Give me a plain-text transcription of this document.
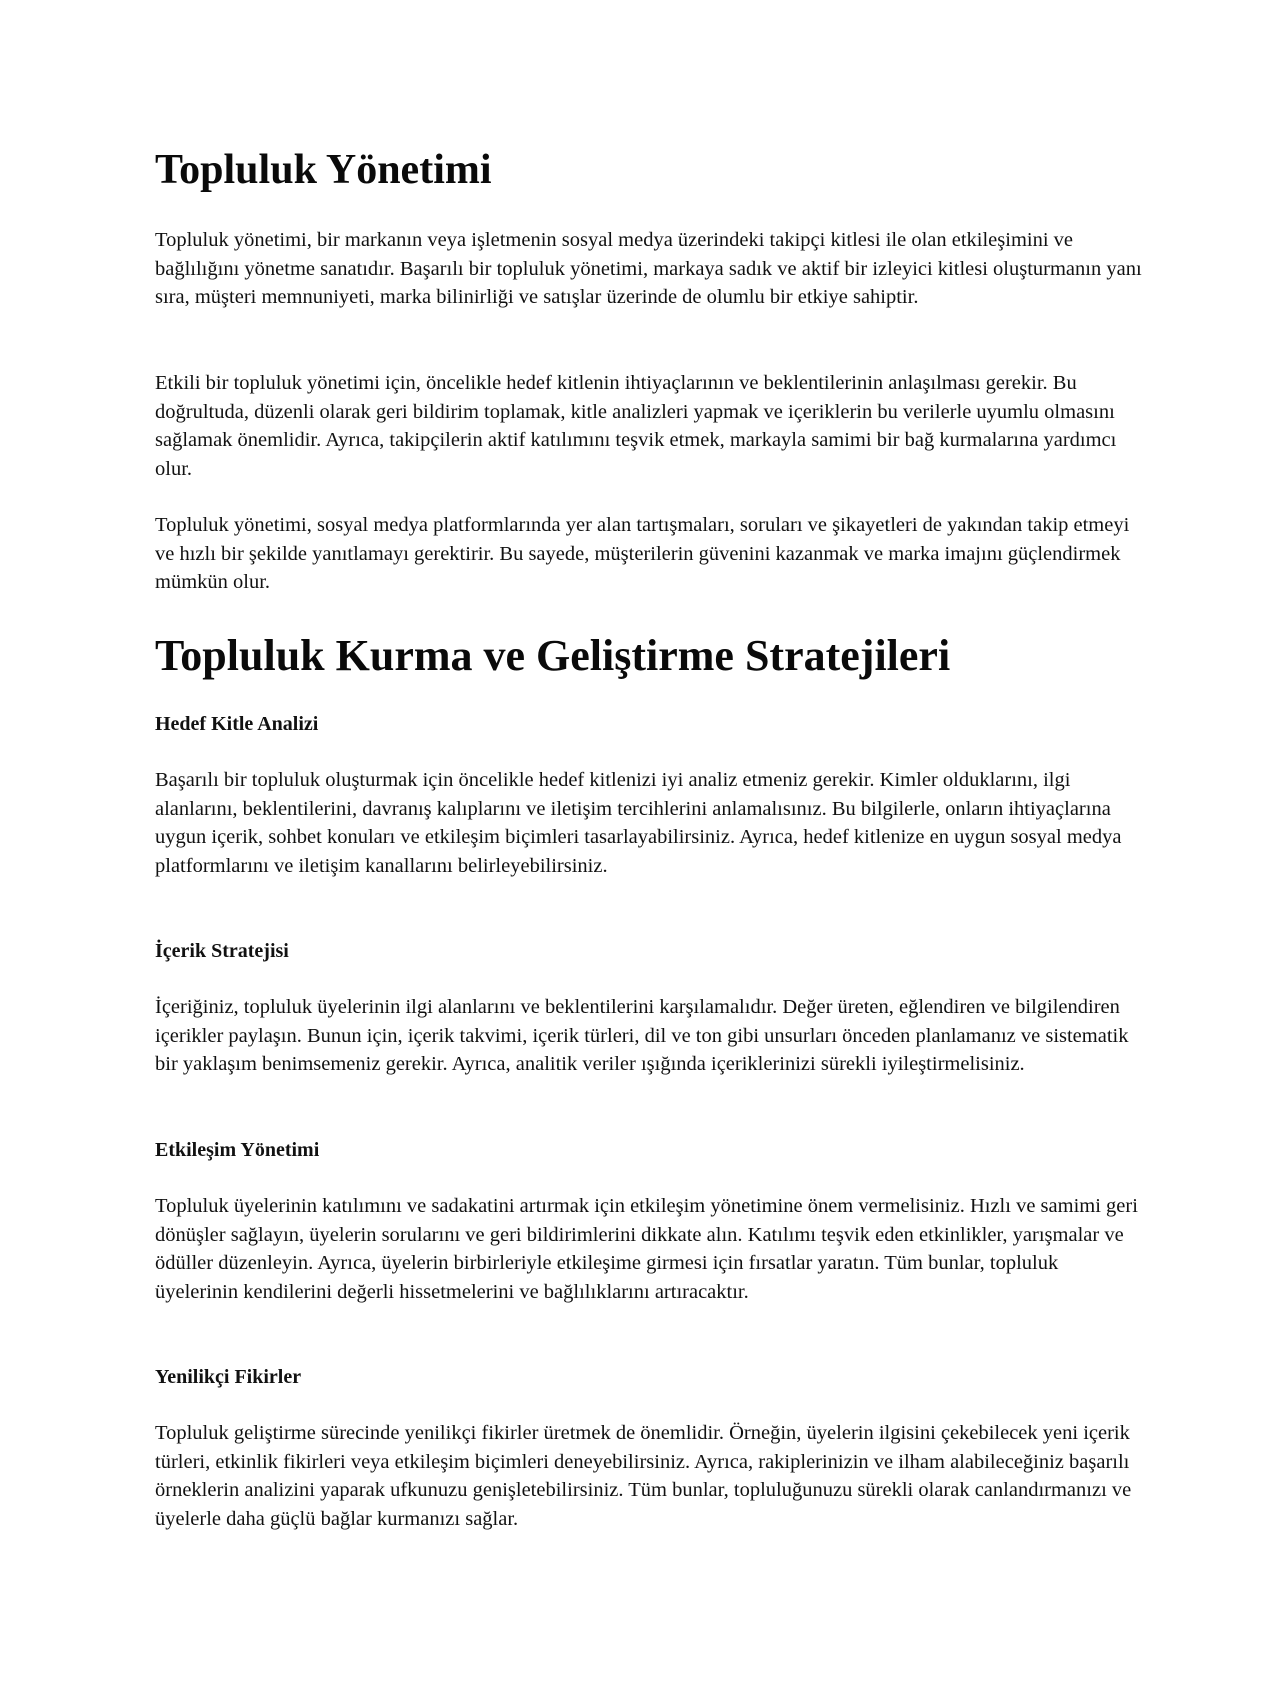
Topluluk Yönetimi

Topluluk yönetimi, bir markanın veya işletmenin sosyal medya üzerindeki takipçi kitlesi ile olan etkileşimini ve bağlılığını yönetme sanatıdır. Başarılı bir topluluk yönetimi, markaya sadık ve aktif bir izleyici kitlesi oluşturmanın yanı sıra, müşteri memnuniyeti, marka bilinirliği ve satışlar üzerinde de olumlu bir etkiye sahiptir.

Etkili bir topluluk yönetimi için, öncelikle hedef kitlenin ihtiyaçlarının ve beklentilerinin anlaşılması gerekir. Bu doğrultuda, düzenli olarak geri bildirim toplamak, kitle analizleri yapmak ve içeriklerin bu verilerle uyumlu olmasını sağlamak önemlidir. Ayrıca, takipçilerin aktif katılımını teşvik etmek, markayla samimi bir bağ kurmalarına yardımcı olur.

Topluluk yönetimi, sosyal medya platformlarında yer alan tartışmaları, soruları ve şikayetleri de yakından takip etmeyi ve hızlı bir şekilde yanıtlamayı gerektirir. Bu sayede, müşterilerin güvenini kazanmak ve marka imajını güçlendirmek mümkün olur.

Topluluk Kurma ve Geliştirme Stratejileri
Hedef Kitle Analizi

Başarılı bir topluluk oluşturmak için öncelikle hedef kitlenizi iyi analiz etmeniz gerekir. Kimler olduklarını, ilgi alanlarını, beklentilerini, davranış kalıplarını ve iletişim tercihlerini anlamalısınız. Bu bilgilerle, onların ihtiyaçlarına uygun içerik, sohbet konuları ve etkileşim biçimleri tasarlayabilirsiniz. Ayrıca, hedef kitlenize en uygun sosyal medya platformlarını ve iletişim kanallarını belirleyebilirsiniz.

İçerik Stratejisi

İçeriğiniz, topluluk üyelerinin ilgi alanlarını ve beklentilerini karşılamalıdır. Değer üreten, eğlendiren ve bilgilendiren içerikler paylaşın. Bunun için, içerik takvimi, içerik türleri, dil ve ton gibi unsurları önceden planlamanız ve sistematik bir yaklaşım benimsemeniz gerekir. Ayrıca, analitik veriler ışığında içeriklerinizi sürekli iyileştirmelisiniz.

Etkileşim Yönetimi

Topluluk üyelerinin katılımını ve sadakatini artırmak için etkileşim yönetimine önem vermelisiniz. Hızlı ve samimi geri dönüşler sağlayın, üyelerin sorularını ve geri bildirimlerini dikkate alın. Katılımı teşvik eden etkinlikler, yarışmalar ve ödüller düzenleyin. Ayrıca, üyelerin birbirleriyle etkileşime girmesi için fırsatlar yaratın. Tüm bunlar, topluluk üyelerinin kendilerini değerli hissetmelerini ve bağlılıklarını artıracaktır.

Yenilikçi Fikirler

Topluluk geliştirme sürecinde yenilikçi fikirler üretmek de önemlidir. Örneğin, üyelerin ilgisini çekebilecek yeni içerik türleri, etkinlik fikirleri veya etkileşim biçimleri deneyebilirsiniz. Ayrıca, rakiplerinizin ve ilham alabileceğiniz başarılı örneklerin analizini yaparak ufkunuzu genişletebilirsiniz. Tüm bunlar, topluluğunuzu sürekli olarak canlandırmanızı ve üyelerle daha güçlü bağlar kurmanızı sağlar.
